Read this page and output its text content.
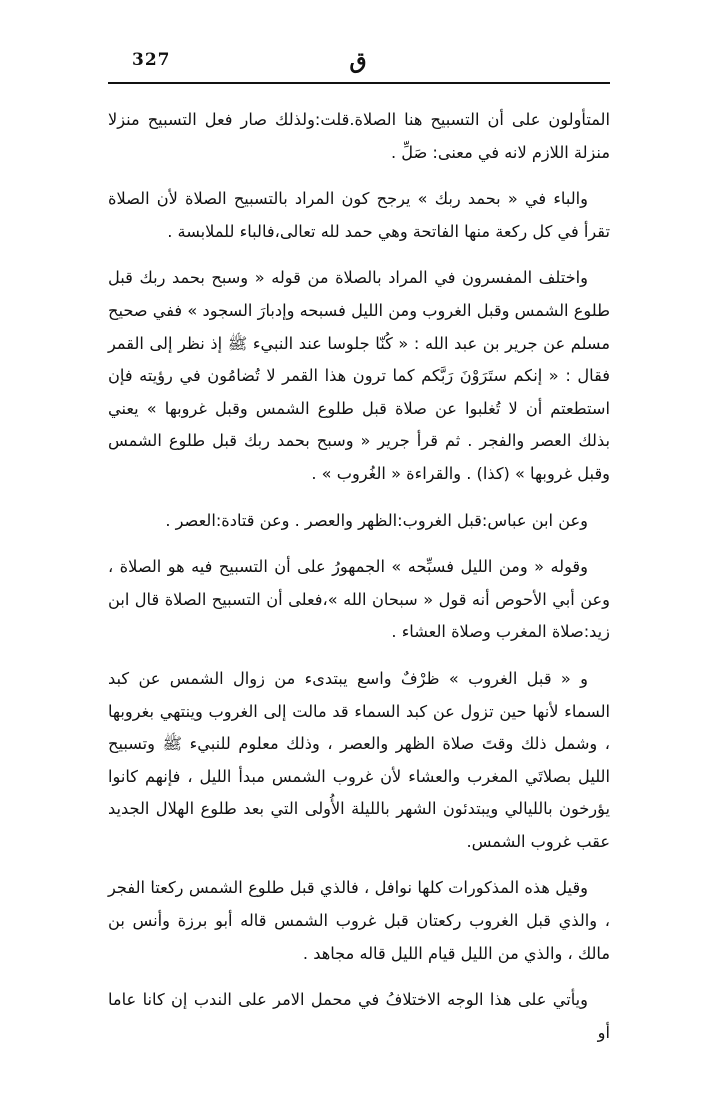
327	ق

المتأولون على أن التسبيح هنا الصلاة.قلت:ولذلك صار فعل التسبيح منزلا منزلة اللازم لانه في معنى: صَلِّ .

والباء في « بحمد ربك » يرجح كون المراد بالتسبيح الصلاة لأن الصلاة تقرأ في كل ركعة منها الفاتحة وهي حمد لله تعالى،فالباء للملابسة .

واختلف المفسرون في المراد بالصلاة من قوله « وسبح بحمد ربك قبل طلوع الشمس وقبل الغروب ومن الليل فسبحه وإدبارَ السجود » ففي صحيح مسلم عن جرير بن عبد الله : « كُنّا جلوسا عند النبيء ﷺ إذ نظر إلى القمر فقال : « إنكم ستَرَوْنَ رَبَّكم كما ترون هذا القمر لا تُضامُون في رؤيته فإن استطعتم أن لا تُغلبوا عن صلاة قبل طلوع الشمس وقبل غروبها » يعني بذلك العصر والفجر . ثم قرأ جرير « وسبح بحمد ربك قبل طلوع الشمس وقبل غروبها » (كذا) . والقراءة « الغُروب » .

وعن ابن عباس:قبل الغروب:الظهر والعصر . وعن قتادة:العصر .

وقوله « ومن الليل فسبِّحه » الجمهورُ على أن التسبيح فيه هو الصلاة ، وعن أبي الأحوص أنه قول « سبحان الله »،فعلى أن التسبيح الصلاة قال ابن زيد:صلاة المغرب وصلاة العشاء .

و « قبل الغروب » ظرْفٌ واسع يبتدىء من زوال الشمس عن كبد السماء لأنها حين تزول عن كبد السماء قد مالت إلى الغروب وينتهي بغروبها ، وشمل ذلك وقتَ صلاة الظهر والعصر ، وذلك معلوم للنبيء ﷺ وتسبيح الليل بصلاتَي المغرب والعشاء لأن غروب الشمس مبدأ الليل ، فإنهم كانوا يؤرخون بالليالي ويبتدئون الشهر بالليلة الأُولى التي بعد طلوع الهلال الجديد عقب غروب الشمس.

وقيل هذه المذكورات كلها نوافل ، فالذي قبل طلوع الشمس ركعتا الفجر ، والذي قبل الغروب ركعتان قبل غروب الشمس قاله أبو برزة وأنس بن مالك ، والذي من الليل قيام الليل قاله مجاهد .

ويأتي على هذا الوجه الاختلافُ في محمل الامر على الندب إن كانا عاما أو
